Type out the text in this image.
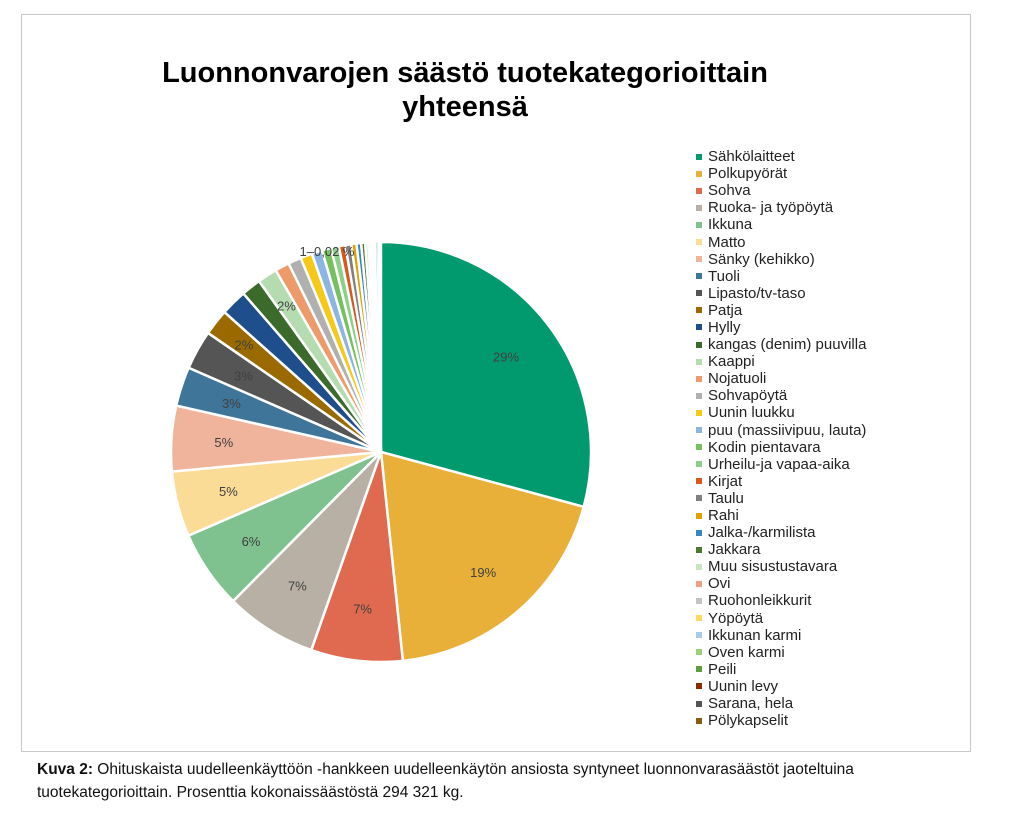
Luonnonvarojen säästö tuotekategorioittain
yhteensä
29%
19%
7%
7%
6%
5%
5%
3%
3%
2%
2%
1–0,02 %
Sähkölaitteet
Polkupyörät
Sohva
Ruoka- ja työpöytä
Ikkuna
Matto
Sänky (kehikko)
Tuoli
Lipasto/tv-taso
Patja
Hylly
kangas (denim) puuvilla
Kaappi
Nojatuoli
Sohvapöytä
Uunin luukku
puu (massiivipuu, lauta)
Kodin pientavara
Urheilu-ja vapaa-aika
Kirjat
Taulu
Rahi
Jalka-/karmilista
Jakkara
Muu sisustustavara
Ovi
Ruohonleikkurit
Yöpöytä
Ikkunan karmi
Oven karmi
Peili
Uunin levy
Sarana, hela
Pölykapselit
Kuva 2: Ohituskaista uudelleenkäyttöön -hankkeen uudelleenkäytön ansiosta syntyneet luonnonvarasäästöt jaoteltuina tuotekategorioittain. Prosenttia kokonaissäästöstä 294 321 kg.
